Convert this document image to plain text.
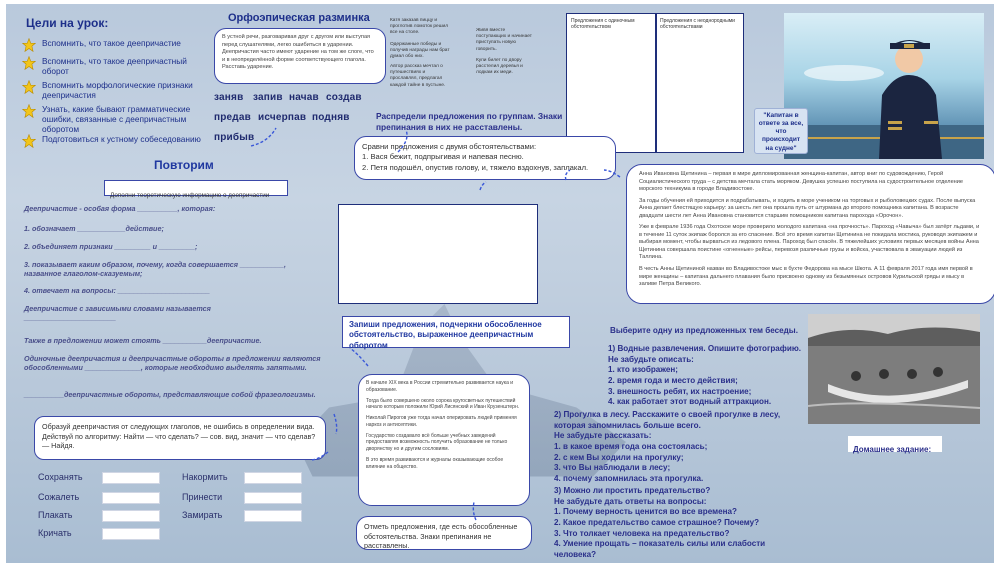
Цели на урок:
Вспомнить, что такое деепричастие
Вспомнить, что такое деепричастный оборот
Вспомнить морфологические признаки деепричастия
Узнать, какие бывают грамматические ошибки, связанные с деепричастным оборотом
Подготовиться к устному собеседованию
Орфоэпическая разминка
В устной речи, разговаривая друг с другом или выступая перед слушателями, легко ошибиться в ударении. Деепричастия часто имеют ударение на том же слоге, что и в неопределённой форме соответствующего глагола. Расставь ударение.
заняв запив начав создав
предав исчерпав подняв
прибыв
Катя заказав пиццу и проглотив ломоток решил все на столе.
Одержанные победы и получив награды нам брат думал обо них.
Автор рассказ мечтал о путешествиях и прославлял, предлагал каждой тайне в пустыне.
Живя вместе поступающих и начинает приступать новую говорить.
Купи билет по двору расстелил деревья и лодкам их меди.
Предложения с одиночным обстоятельством
Предложения с неоднородными обстоятельствами
"Капитан в ответе за все, что происходит на судне"
Повторим
Дополни теоретическую информацию о деепричастии
Деепричастие - особая форма __________, которая:
1. обозначает ____________действие;
2. объединяет признаки _________ и _________;
3. показывает каким образом, почему, когда совершается ___________, названное глаголом-сказуемым;
4. отвечает на вопросы: _______________________
Деепричастие с зависимыми словами называется _______________________
Также в предложении может стоять ___________деепричастие.
Одиночные деепричастия и деепричастные обороты в предложении являются обособленными ______________, которые необходимо выделять запятыми.
__________деепричастные обороты, представляющие собой фразеологизмы.
Распредели предложения по группам. Знаки препинания в них не расставлены.
Сравни предложения с двумя обстоятельствами:
1. Вася бежит, подпрыгивая и напевая песню.
2. Петя подошёл, опустив голову, и, тяжело вздохнув, заплакал.

Анна Ивановна Щетинина – первая в мире дипломированная женщина-капитан, автор книг по судовождению, Герой Социалистического труда – с детства мечтала стать моряком. Девушка успешно поступила на судостроительное отделение морского техникума в городе Владивостоке.

За годы обучения ей приходится и подрабатывать, и ходить в море учеником на торговых и рыболовецких судах. После выпуска Анна делает блестящую карьеру: за шесть лет она прошла путь от штурмана до второго помощника капитана. В возрасте двадцати шести лет Анна Ивановна становится старшим помощником капитана парохода «Орочон».

Уже в феврале 1936 года Охотское море проверило молодого капитана «на прочность». Пароход «Чавыча» был затёрт льдами, и в течение 11 суток экипаж боролся за его спасение. Всё это время капитан Щетинина не покидала мостика, руководя экипажем и выбирая момент, чтобы вырваться из ледового плена. Пароход был спасён. В тяжелейших условиях первых месяцев войны Анна Щетинина совершала поистине «огненные» рейсы, перевозя различные грузы и войска, участвовала в эвакуации людей из Таллина.

В честь Анны Щетининой назван во Владивостоке мыс в бухте Федорова на мысе Шкота. А 11 февраля 2017 года имя первой в мире женщины – капитана дальнего плавания было присвоено одному из безымянных островов Курильской гряды и мысу в заливе Петра Великого.

Запиши предложения, подчеркни обособленное обстоятельство, выраженное деепричастным оборотом

В начале XIX века в России стремительно развивается наука и образование.

Тогда было совершено около сорока кругосветных путешествий начало которым положили Юрий Лисянский и Иван Крузенштерн.

Николай Пирогов уже тогда начал оперировать людей применяя наркоз и антисептики.

Государство создавало всё больше учебных заведений предоставляя возможность получить образование не только дворянству но и другим сословиям.

В это время развиваются и журналы оказывающие особое влияние на общество.

Образуй деепричастия от следующих глаголов, не ошибись в определении вида. Действуй по алгоритму: Найти — что сделать? — сов. вид, значит — что сделав? — Найдя.
Сохранять
Сожалеть
Плакать
Кричать
Накормить
Принести
Замирать
Отметь предложения, где есть обособленные обстоятельства. Знаки препинания не расставлены.
Выберите одну из предложенных тем беседы.
1) Водные развлечения. Опишите фотографию.
Не забудьте описать:
1. кто изображен;
2. время года и место действия;
3. внешность ребят, их настроение;
4. как работает этот водный аттракцион.
2) Прогулка в лесу. Расскажите о своей прогулке в лесу, которая запомнилась больше всего.
Не забудьте рассказать:
1. в какое время года она состоялась;
2. с кем Вы ходили на прогулку;
3. что Вы наблюдали в лесу;
4. почему запомнилась эта прогулка.
3) Можно ли простить предательство?
Не забудьте дать ответы на вопросы:
1. Почему верность ценится во все времена?
2. Какое предательство самое страшное? Почему?
3. Что толкает человека на предательство?
4. Умение прощать – показатель силы или слабости человека?
Домашнее задание:
